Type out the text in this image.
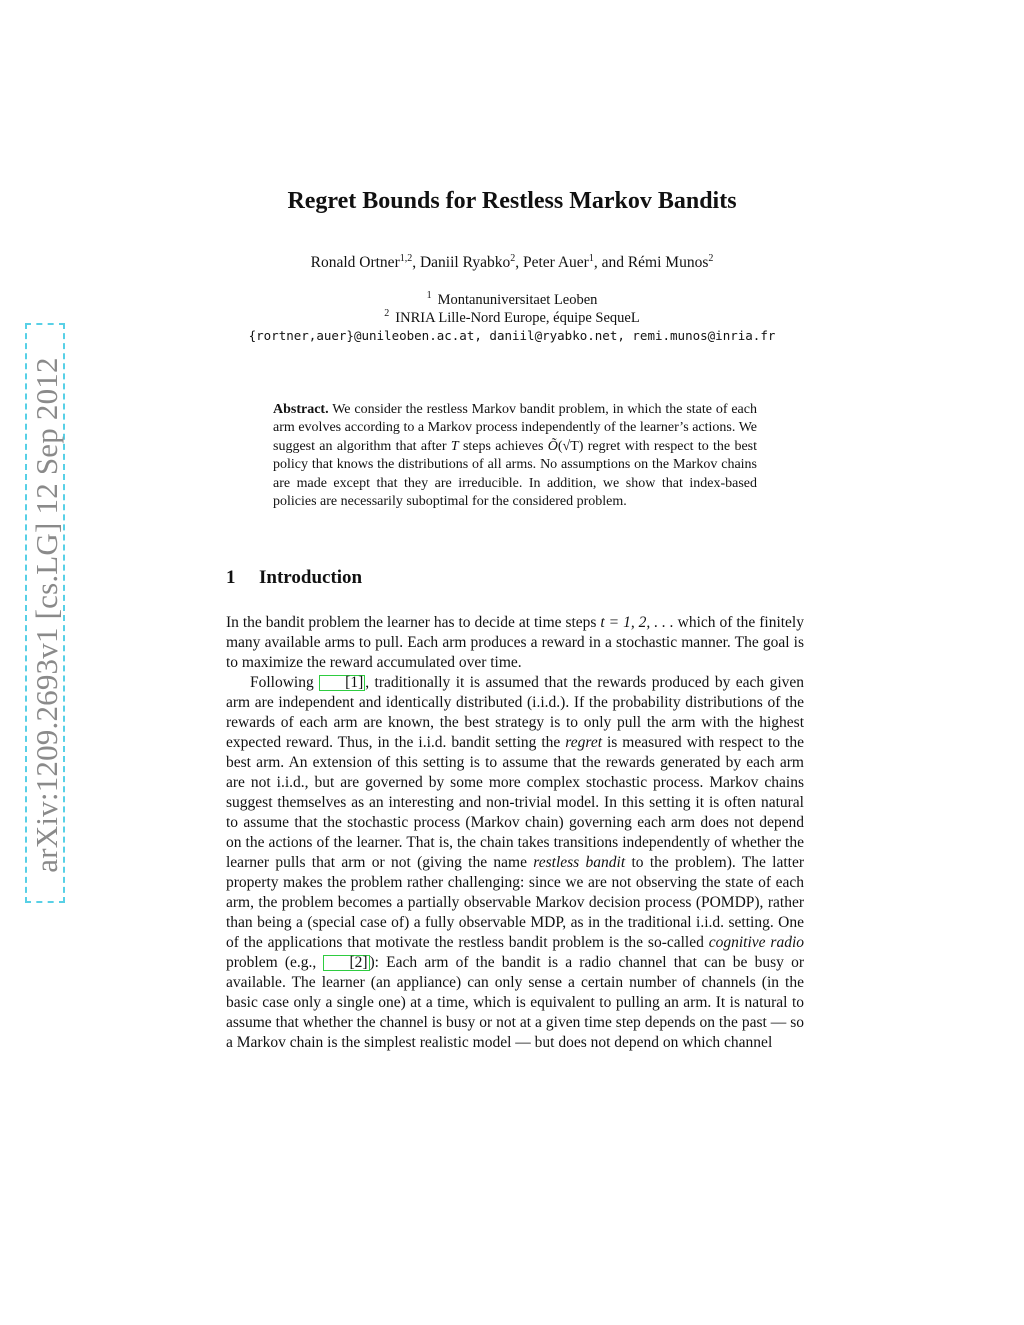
arXiv:1209.2693v1 [cs.LG] 12 Sep 2012
Regret Bounds for Restless Markov Bandits
Ronald Ortner$^{1,2}$, Daniil Ryabko$^2$, Peter Auer$^1$, and Rémi Munos$^2$
$^1$ Montanuniversitaet Leoben
$^2$ INRIA Lille-Nord Europe, équipe SequeL
{rortner,auer}@unileoben.ac.at, daniil@ryabko.net, remi.munos@inria.fr
Abstract. We consider the restless Markov bandit problem, in which the state of each arm evolves according to a Markov process independently of the learner’s actions. We suggest an algorithm that after T steps achieves Õ(√T) regret with respect to the best policy that knows the distributions of all arms. No assumptions on the Markov chains are made except that they are irreducible. In addition, we show that index-based policies are necessarily suboptimal for the considered problem.
1 Introduction

In the bandit problem the learner has to decide at time steps t = 1, 2, . . . which of the finitely many available arms to pull. Each arm produces a reward in a stochastic manner. The goal is to maximize the reward accumulated over time.

Following [1] , traditionally it is assumed that the rewards produced by each given arm are independent and identically distributed (i.i.d.). If the probability distributions of the rewards of each arm are known, the best strategy is to only pull the arm with the highest expected reward. Thus, in the i.i.d. bandit setting the regret is measured with respect to the best arm. An extension of this setting is to assume that the rewards generated by each arm are not i.i.d., but are governed by some more complex stochastic process. Markov chains suggest themselves as an interesting and non-trivial model. In this setting it is often natural to assume that the stochastic process (Markov chain) governing each arm does not depend on the actions of the learner. That is, the chain takes transitions independently of whether the learner pulls that arm or not (giving the name restless bandit to the problem). The latter property makes the problem rather challenging: since we are not observing the state of each arm, the problem becomes a partially observable Markov decision process (POMDP), rather than being a (special case of) a fully observable MDP, as in the traditional i.i.d. setting. One of the applications that motivate the restless bandit problem is the so-called cognitive radio problem (e.g., [2] ): Each arm of the bandit is a radio channel that can be busy or available. The learner (an appliance) can only sense a certain number of channels (in the basic case only a single one) at a time, which is equivalent to pulling an arm. It is natural to assume that whether the channel is busy or not at a given time step depends on the past — so a Markov chain is the simplest realistic model — but does not depend on which channel
